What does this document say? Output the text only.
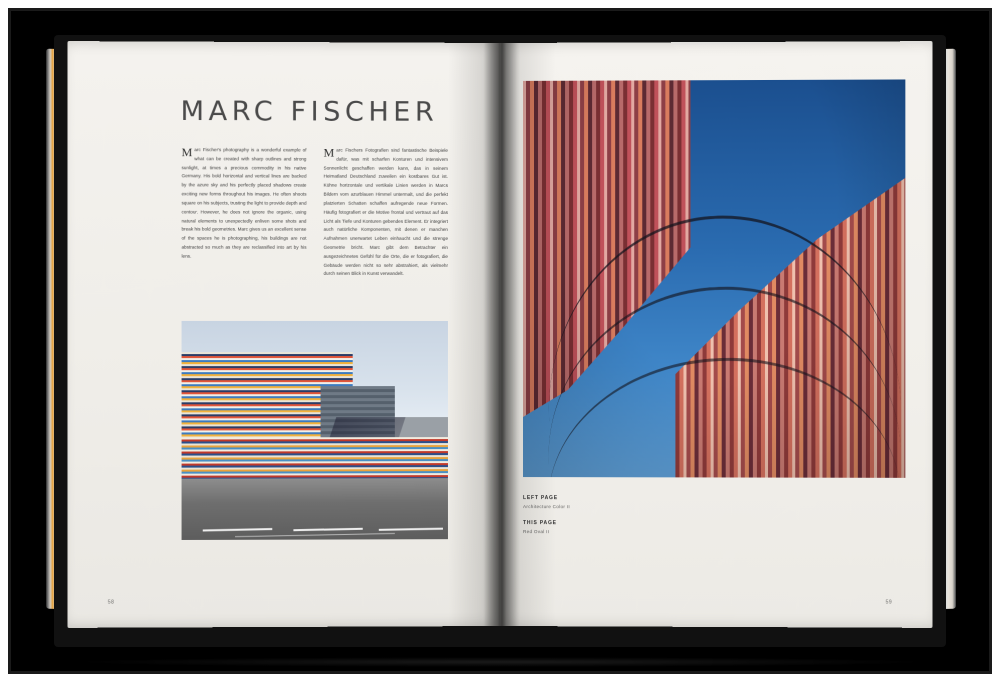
MARC FISCHER
Marc Fischer's photography is a wonderful example of what can be created with sharp outlines and strong sunlight, at times a precious commodity in his native Germany. His bold horizontal and vertical lines are backed by the azure sky and his perfectly placed shadows create exciting new forms throughout his images. He often shoots square on his subjects, trusting the light to provide depth and contour. However, he does not ignore the organic, using natural elements to unexpectedly enliven some shots and break his bold geometries. Marc gives us an excellent sense of the spaces he is photographing, his buildings are not abstracted so much as they are reclassified into art by his lens.
Marc Fischers Fotografien sind fantastische Beispiele dafür, was mit scharfen Konturen und intensivem Sonnenlicht geschaffen werden kann, das in seinem Heimatland Deutschland zuweilen ein kostbares Gut ist. Kühne horizontale und vertikale Linien werden in Marcs Bildern vom azurblauen Himmel untermalt, und die perfekt platzierten Schatten schaffen aufregende neue Formen. Häufig fotografiert er die Motive frontal und vertraut auf das Licht als Tiefe und Konturen gebendes Element. Er integriert auch natürliche Komponenten, mit denen er manchen Aufnahmen unerwartet Leben einhaucht und die strenge Geometrie bricht. Marc gibt dem Betrachter ein ausgezeichnetes Gefühl für die Orte, die er fotografiert, die Gebäude werden nicht so sehr abstrahiert, als vielmehr durch seinen Blick in Kunst verwandelt.
58
LEFT PAGE
Architecture Color II
THIS PAGE
Red Oval II
59
